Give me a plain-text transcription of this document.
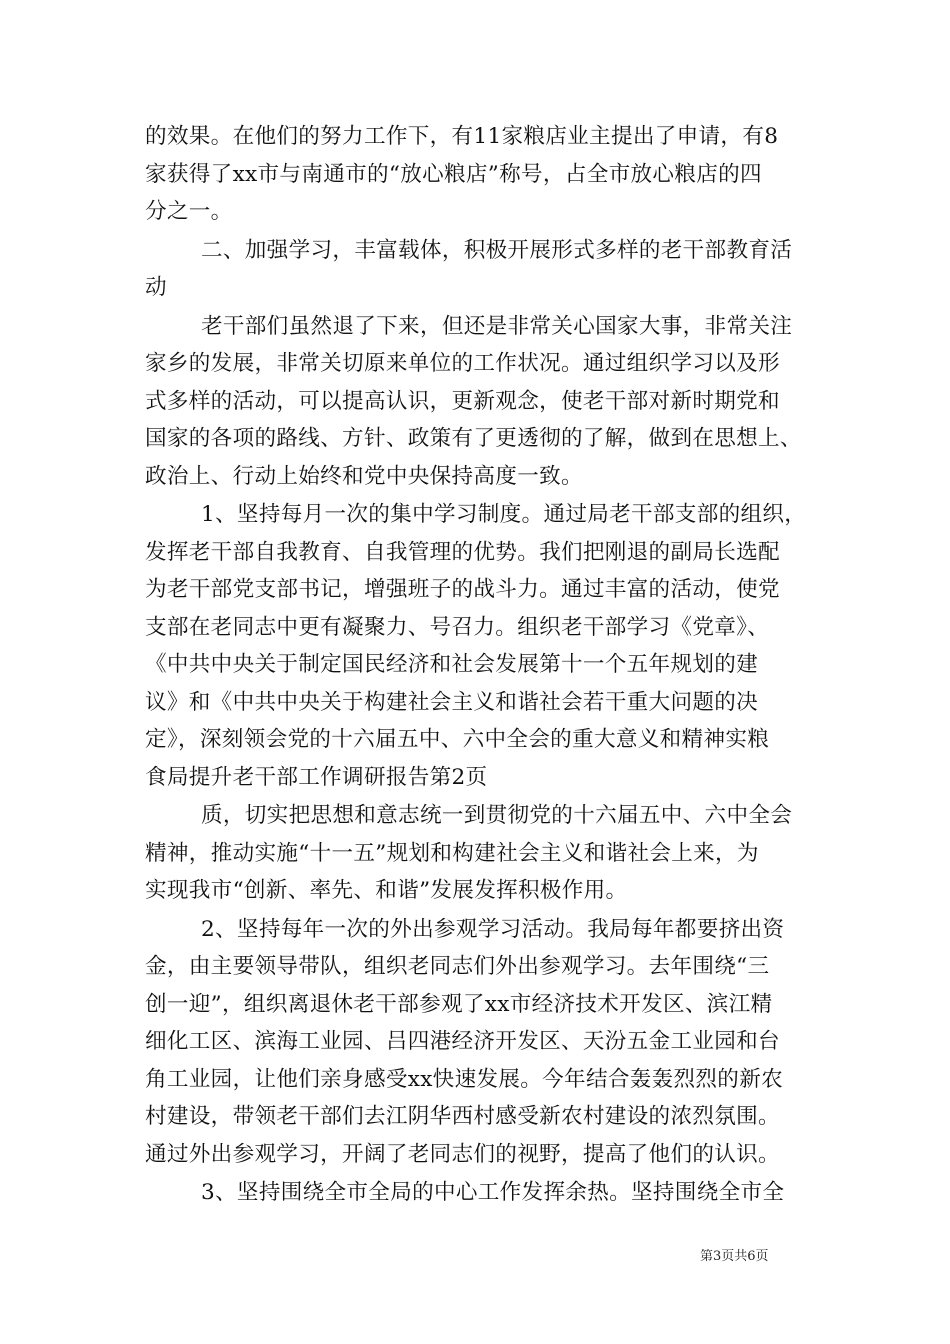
的效果。在他们的努力工作下，有11家粮店业主提出了申请，有8
家获得了xx市与南通市的“放心粮店”称号，占全市放心粮店的四
分之一。

二、加强学习，丰富载体，积极开展形式多样的老干部教育活
动

老干部们虽然退了下来，但还是非常关心国家大事，非常关注
家乡的发展，非常关切原来单位的工作状况。通过组织学习以及形
式多样的活动，可以提高认识，更新观念，使老干部对新时期党和
国家的各项的路线、方针、政策有了更透彻的了解，做到在思想上、
政治上、行动上始终和党中央保持高度一致。

1、坚持每月一次的集中学习制度。通过局老干部支部的组织，
发挥老干部自我教育、自我管理的优势。我们把刚退的副局长选配
为老干部党支部书记，增强班子的战斗力。通过丰富的活动，使党
支部在老同志中更有凝聚力、号召力。组织老干部学习《党章》、
《中共中央关于制定国民经济和社会发展第十一个五年规划的建
议》和《中共中央关于构建社会主义和谐社会若干重大问题的决
定》，深刻领会党的十六届五中、六中全会的重大意义和精神实粮
食局提升老干部工作调研报告第2页

质，切实把思想和意志统一到贯彻党的十六届五中、六中全会
精神，推动实施“十一五”规划和构建社会主义和谐社会上来，为
实现我市“创新、率先、和谐”发展发挥积极作用。

2、坚持每年一次的外出参观学习活动。我局每年都要挤出资
金，由主要领导带队，组织老同志们外出参观学习。去年围绕“三
创一迎”，组织离退休老干部参观了xx市经济技术开发区、滨江精
细化工区、滨海工业园、吕四港经济开发区、天汾五金工业园和台
角工业园，让他们亲身感受xx快速发展。今年结合轰轰烈烈的新农
村建设，带领老干部们去江阴华西村感受新农村建设的浓烈氛围。
通过外出参观学习，开阔了老同志们的视野，提高了他们的认识。

3、坚持围绕全市全局的中心工作发挥余热。坚持围绕全市全

第3页共6页
